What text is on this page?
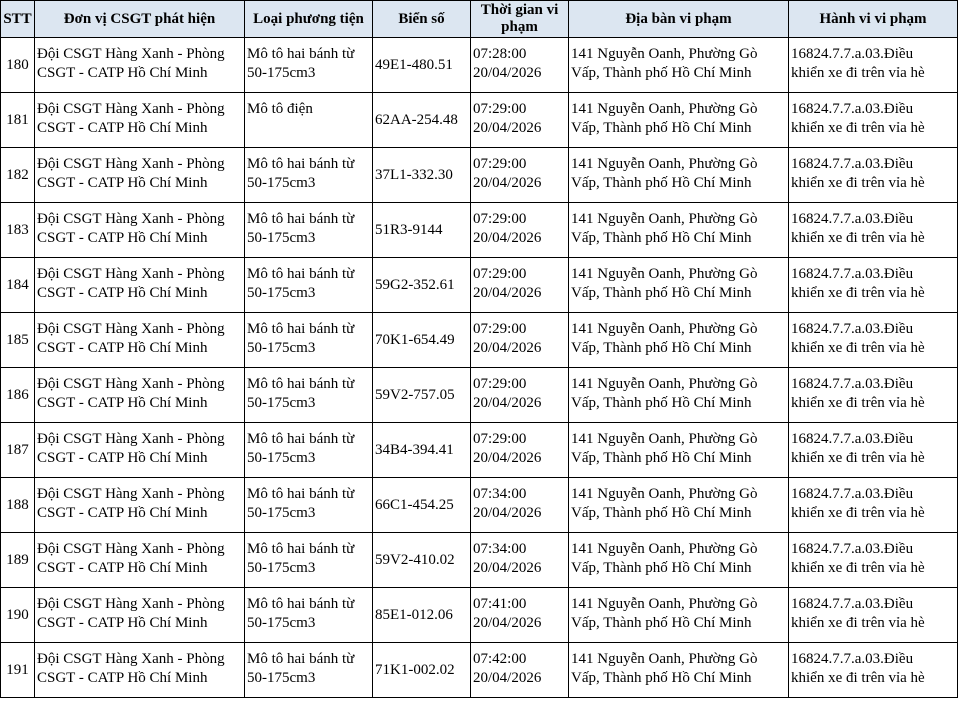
STT	Đơn vị CSGT phát hiện	Loại phương tiện	Biển số	Thời gian vi phạm	Địa bàn vi phạm	Hành vi vi phạm
180	Đội CSGT Hàng Xanh - Phòng
CSGT - CATP Hồ Chí Minh	Mô tô hai bánh từ 50-175cm3	49E1-480.51	07:28:00
20/04/2026	141 Nguyễn Oanh, Phường Gò
Vấp, Thành phố Hồ Chí Minh	16824.7.7.a.03.Điều
khiển xe đi trên vỉa hè
181	Đội CSGT Hàng Xanh - Phòng
CSGT - CATP Hồ Chí Minh	Mô tô điện	62AA-254.48	07:29:00
20/04/2026	141 Nguyễn Oanh, Phường Gò
Vấp, Thành phố Hồ Chí Minh	16824.7.7.a.03.Điều
khiển xe đi trên vỉa hè
182	Đội CSGT Hàng Xanh - Phòng
CSGT - CATP Hồ Chí Minh	Mô tô hai bánh từ 50-175cm3	37L1-332.30	07:29:00
20/04/2026	141 Nguyễn Oanh, Phường Gò
Vấp, Thành phố Hồ Chí Minh	16824.7.7.a.03.Điều
khiển xe đi trên vỉa hè
183	Đội CSGT Hàng Xanh - Phòng
CSGT - CATP Hồ Chí Minh	Mô tô hai bánh từ 50-175cm3	51R3-9144	07:29:00
20/04/2026	141 Nguyễn Oanh, Phường Gò
Vấp, Thành phố Hồ Chí Minh	16824.7.7.a.03.Điều
khiển xe đi trên vỉa hè
184	Đội CSGT Hàng Xanh - Phòng
CSGT - CATP Hồ Chí Minh	Mô tô hai bánh từ 50-175cm3	59G2-352.61	07:29:00
20/04/2026	141 Nguyễn Oanh, Phường Gò
Vấp, Thành phố Hồ Chí Minh	16824.7.7.a.03.Điều
khiển xe đi trên vỉa hè
185	Đội CSGT Hàng Xanh - Phòng
CSGT - CATP Hồ Chí Minh	Mô tô hai bánh từ 50-175cm3	70K1-654.49	07:29:00
20/04/2026	141 Nguyễn Oanh, Phường Gò
Vấp, Thành phố Hồ Chí Minh	16824.7.7.a.03.Điều
khiển xe đi trên vỉa hè
186	Đội CSGT Hàng Xanh - Phòng
CSGT - CATP Hồ Chí Minh	Mô tô hai bánh từ 50-175cm3	59V2-757.05	07:29:00
20/04/2026	141 Nguyễn Oanh, Phường Gò
Vấp, Thành phố Hồ Chí Minh	16824.7.7.a.03.Điều
khiển xe đi trên vỉa hè
187	Đội CSGT Hàng Xanh - Phòng
CSGT - CATP Hồ Chí Minh	Mô tô hai bánh từ 50-175cm3	34B4-394.41	07:29:00
20/04/2026	141 Nguyễn Oanh, Phường Gò
Vấp, Thành phố Hồ Chí Minh	16824.7.7.a.03.Điều
khiển xe đi trên vỉa hè
188	Đội CSGT Hàng Xanh - Phòng
CSGT - CATP Hồ Chí Minh	Mô tô hai bánh từ 50-175cm3	66C1-454.25	07:34:00
20/04/2026	141 Nguyễn Oanh, Phường Gò
Vấp, Thành phố Hồ Chí Minh	16824.7.7.a.03.Điều
khiển xe đi trên vỉa hè
189	Đội CSGT Hàng Xanh - Phòng
CSGT - CATP Hồ Chí Minh	Mô tô hai bánh từ 50-175cm3	59V2-410.02	07:34:00
20/04/2026	141 Nguyễn Oanh, Phường Gò
Vấp, Thành phố Hồ Chí Minh	16824.7.7.a.03.Điều
khiển xe đi trên vỉa hè
190	Đội CSGT Hàng Xanh - Phòng
CSGT - CATP Hồ Chí Minh	Mô tô hai bánh từ 50-175cm3	85E1-012.06	07:41:00
20/04/2026	141 Nguyễn Oanh, Phường Gò
Vấp, Thành phố Hồ Chí Minh	16824.7.7.a.03.Điều
khiển xe đi trên vỉa hè
191	Đội CSGT Hàng Xanh - Phòng
CSGT - CATP Hồ Chí Minh	Mô tô hai bánh từ 50-175cm3	71K1-002.02	07:42:00
20/04/2026	141 Nguyễn Oanh, Phường Gò
Vấp, Thành phố Hồ Chí Minh	16824.7.7.a.03.Điều
khiển xe đi trên vỉa hè
